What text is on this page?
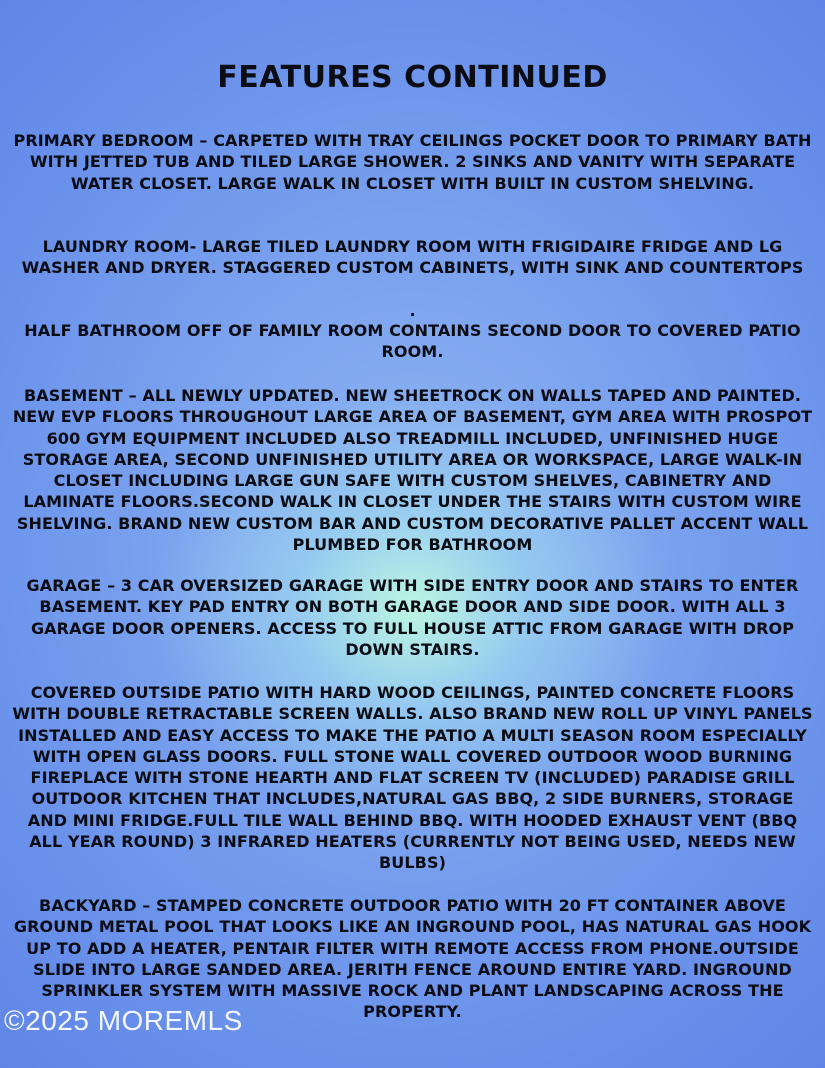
FEATURES CONTINUED

PRIMARY BEDROOM – CARPETED WITH TRAY CEILINGS POCKET DOOR TO PRIMARY BATH WITH JETTED TUB AND TILED LARGE SHOWER. 2 SINKS AND VANITY WITH SEPARATE WATER CLOSET. LARGE WALK IN CLOSET WITH BUILT IN CUSTOM SHELVING.

LAUNDRY ROOM- LARGE TILED LAUNDRY ROOM WITH FRIGIDAIRE FRIDGE AND LG WASHER AND DRYER. STAGGERED CUSTOM CABINETS, WITH SINK AND COUNTERTOPS

.

HALF BATHROOM OFF OF FAMILY ROOM CONTAINS SECOND DOOR TO COVERED PATIO ROOM.

BASEMENT – ALL NEWLY UPDATED. NEW SHEETROCK ON WALLS TAPED AND PAINTED. NEW EVP FLOORS THROUGHOUT LARGE AREA OF BASEMENT, GYM AREA WITH PROSPOT 600 GYM EQUIPMENT INCLUDED ALSO TREADMILL INCLUDED, UNFINISHED HUGE STORAGE AREA, SECOND UNFINISHED UTILITY AREA OR WORKSPACE, LARGE WALK-IN CLOSET INCLUDING LARGE GUN SAFE WITH CUSTOM SHELVES, CABINETRY AND LAMINATE FLOORS.SECOND WALK IN CLOSET UNDER THE STAIRS WITH CUSTOM WIRE SHELVING. BRAND NEW CUSTOM BAR AND CUSTOM DECORATIVE PALLET ACCENT WALL PLUMBED FOR BATHROOM

GARAGE – 3 CAR OVERSIZED GARAGE WITH SIDE ENTRY DOOR AND STAIRS TO ENTER BASEMENT. KEY PAD ENTRY ON BOTH GARAGE DOOR AND SIDE DOOR. WITH ALL 3 GARAGE DOOR OPENERS. ACCESS TO FULL HOUSE ATTIC FROM GARAGE WITH DROP DOWN STAIRS.

COVERED OUTSIDE PATIO WITH HARD WOOD CEILINGS, PAINTED CONCRETE FLOORS WITH DOUBLE RETRACTABLE SCREEN WALLS. ALSO BRAND NEW ROLL UP VINYL PANELS INSTALLED AND EASY ACCESS TO MAKE THE PATIO A MULTI SEASON ROOM ESPECIALLY WITH OPEN GLASS DOORS. FULL STONE WALL COVERED OUTDOOR WOOD BURNING FIREPLACE WITH STONE HEARTH AND FLAT SCREEN TV (INCLUDED) PARADISE GRILL OUTDOOR KITCHEN THAT INCLUDES,NATURAL GAS BBQ, 2 SIDE BURNERS, STORAGE AND MINI FRIDGE.FULL TILE WALL BEHIND BBQ. WITH HOODED EXHAUST VENT (BBQ ALL YEAR ROUND) 3 INFRARED HEATERS (CURRENTLY NOT BEING USED, NEEDS NEW BULBS)

BACKYARD – STAMPED CONCRETE OUTDOOR PATIO WITH 20 FT CONTAINER ABOVE GROUND METAL POOL THAT LOOKS LIKE AN INGROUND POOL, HAS NATURAL GAS HOOK UP TO ADD A HEATER, PENTAIR FILTER WITH REMOTE ACCESS FROM PHONE.OUTSIDE SLIDE INTO LARGE SANDED AREA. JERITH FENCE AROUND ENTIRE YARD. INGROUND SPRINKLER SYSTEM WITH MASSIVE ROCK AND PLANT LANDSCAPING ACROSS THE PROPERTY.

©2025 MOREMLS
